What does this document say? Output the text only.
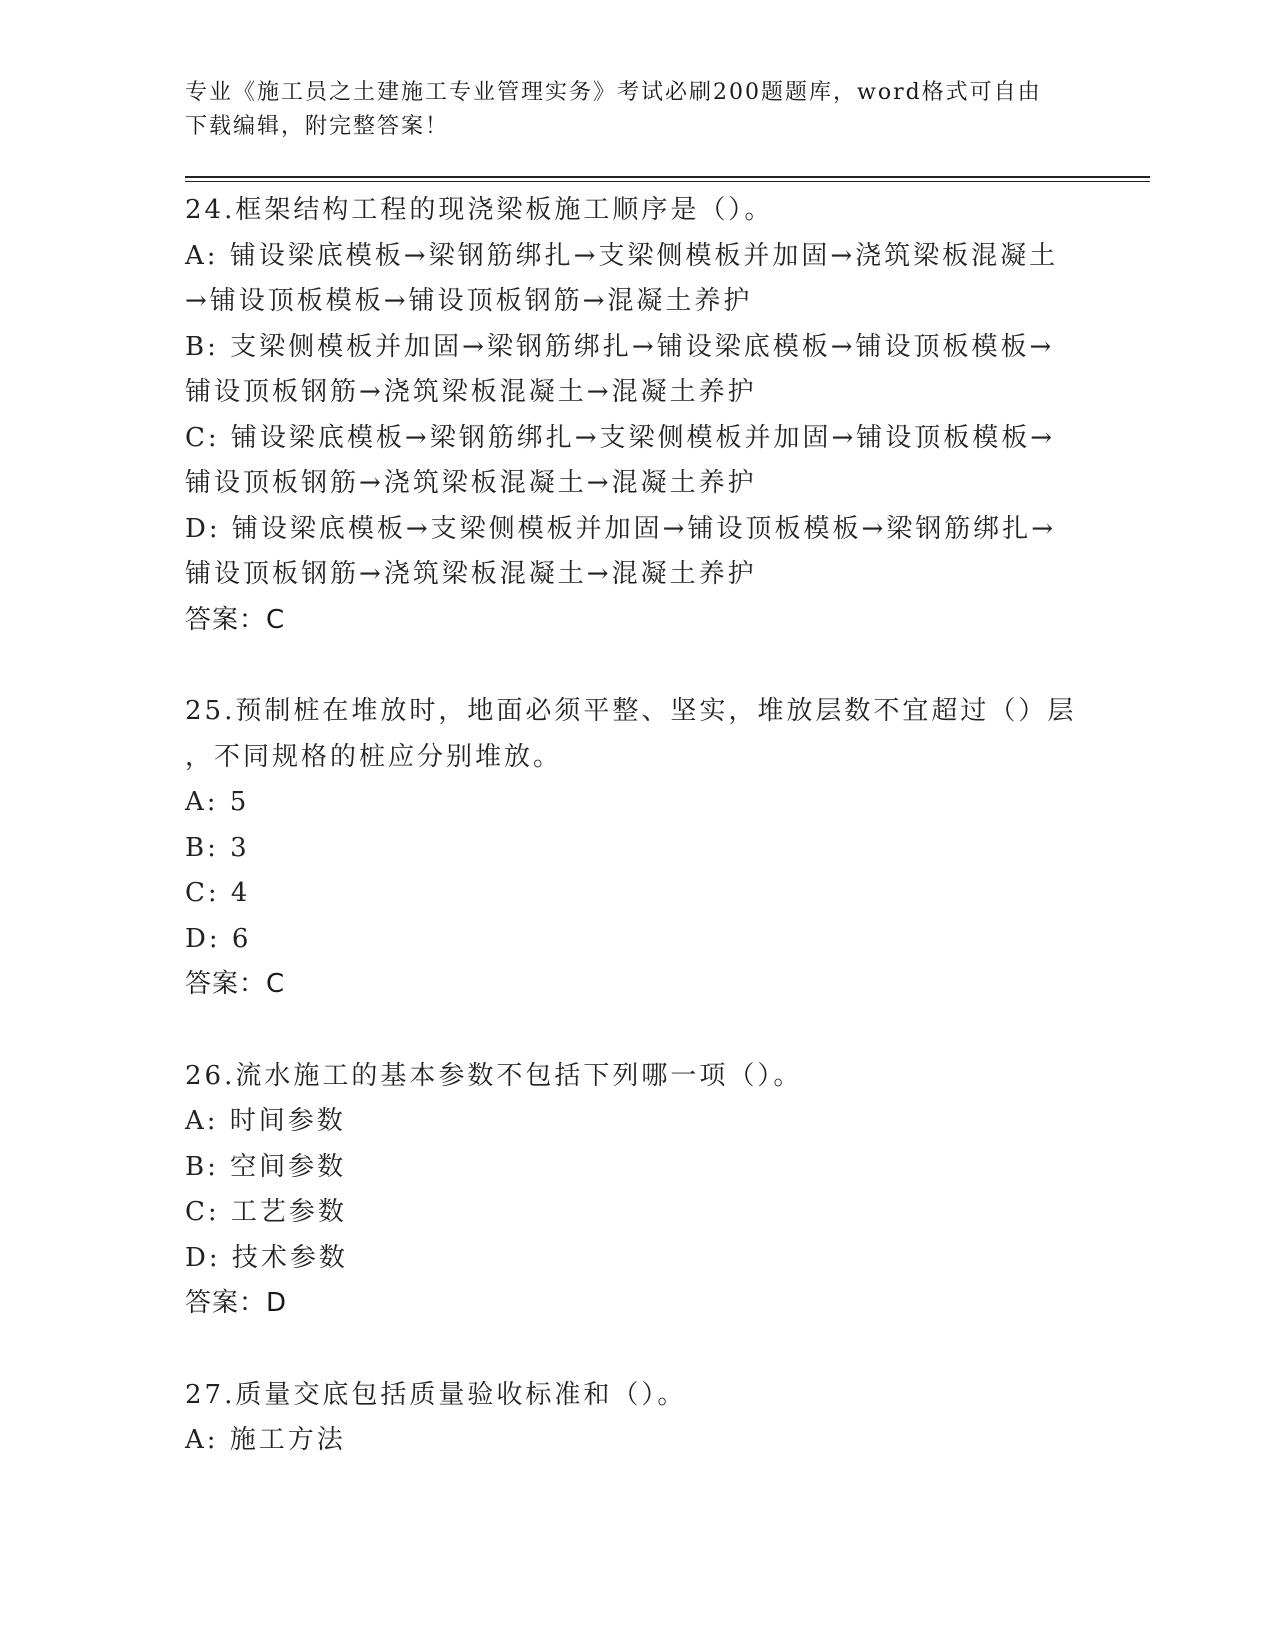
专业《施工员之土建施工专业管理实务》考试必刷200题题库，word格式可自由
下载编辑，附完整答案！
24.框架结构工程的现浇梁板施工顺序是（）。
A: 铺设梁底模板→梁钢筋绑扎→支梁侧模板并加固→浇筑梁板混凝土
→铺设顶板模板→铺设顶板钢筋→混凝土养护
B: 支梁侧模板并加固→梁钢筋绑扎→铺设梁底模板→铺设顶板模板→
铺设顶板钢筋→浇筑梁板混凝土→混凝土养护
C: 铺设梁底模板→梁钢筋绑扎→支梁侧模板并加固→铺设顶板模板→
铺设顶板钢筋→浇筑梁板混凝土→混凝土养护
D: 铺设梁底模板→支梁侧模板并加固→铺设顶板模板→梁钢筋绑扎→
铺设顶板钢筋→浇筑梁板混凝土→混凝土养护
答案：C
25.预制桩在堆放时，地面必须平整、坚实，堆放层数不宜超过（）层
，不同规格的桩应分别堆放。
A: 5
B: 3
C: 4
D: 6
答案：C
26.流水施工的基本参数不包括下列哪一项（）。
A: 时间参数
B: 空间参数
C: 工艺参数
D: 技术参数
答案：D
27.质量交底包括质量验收标准和（）。
A: 施工方法
